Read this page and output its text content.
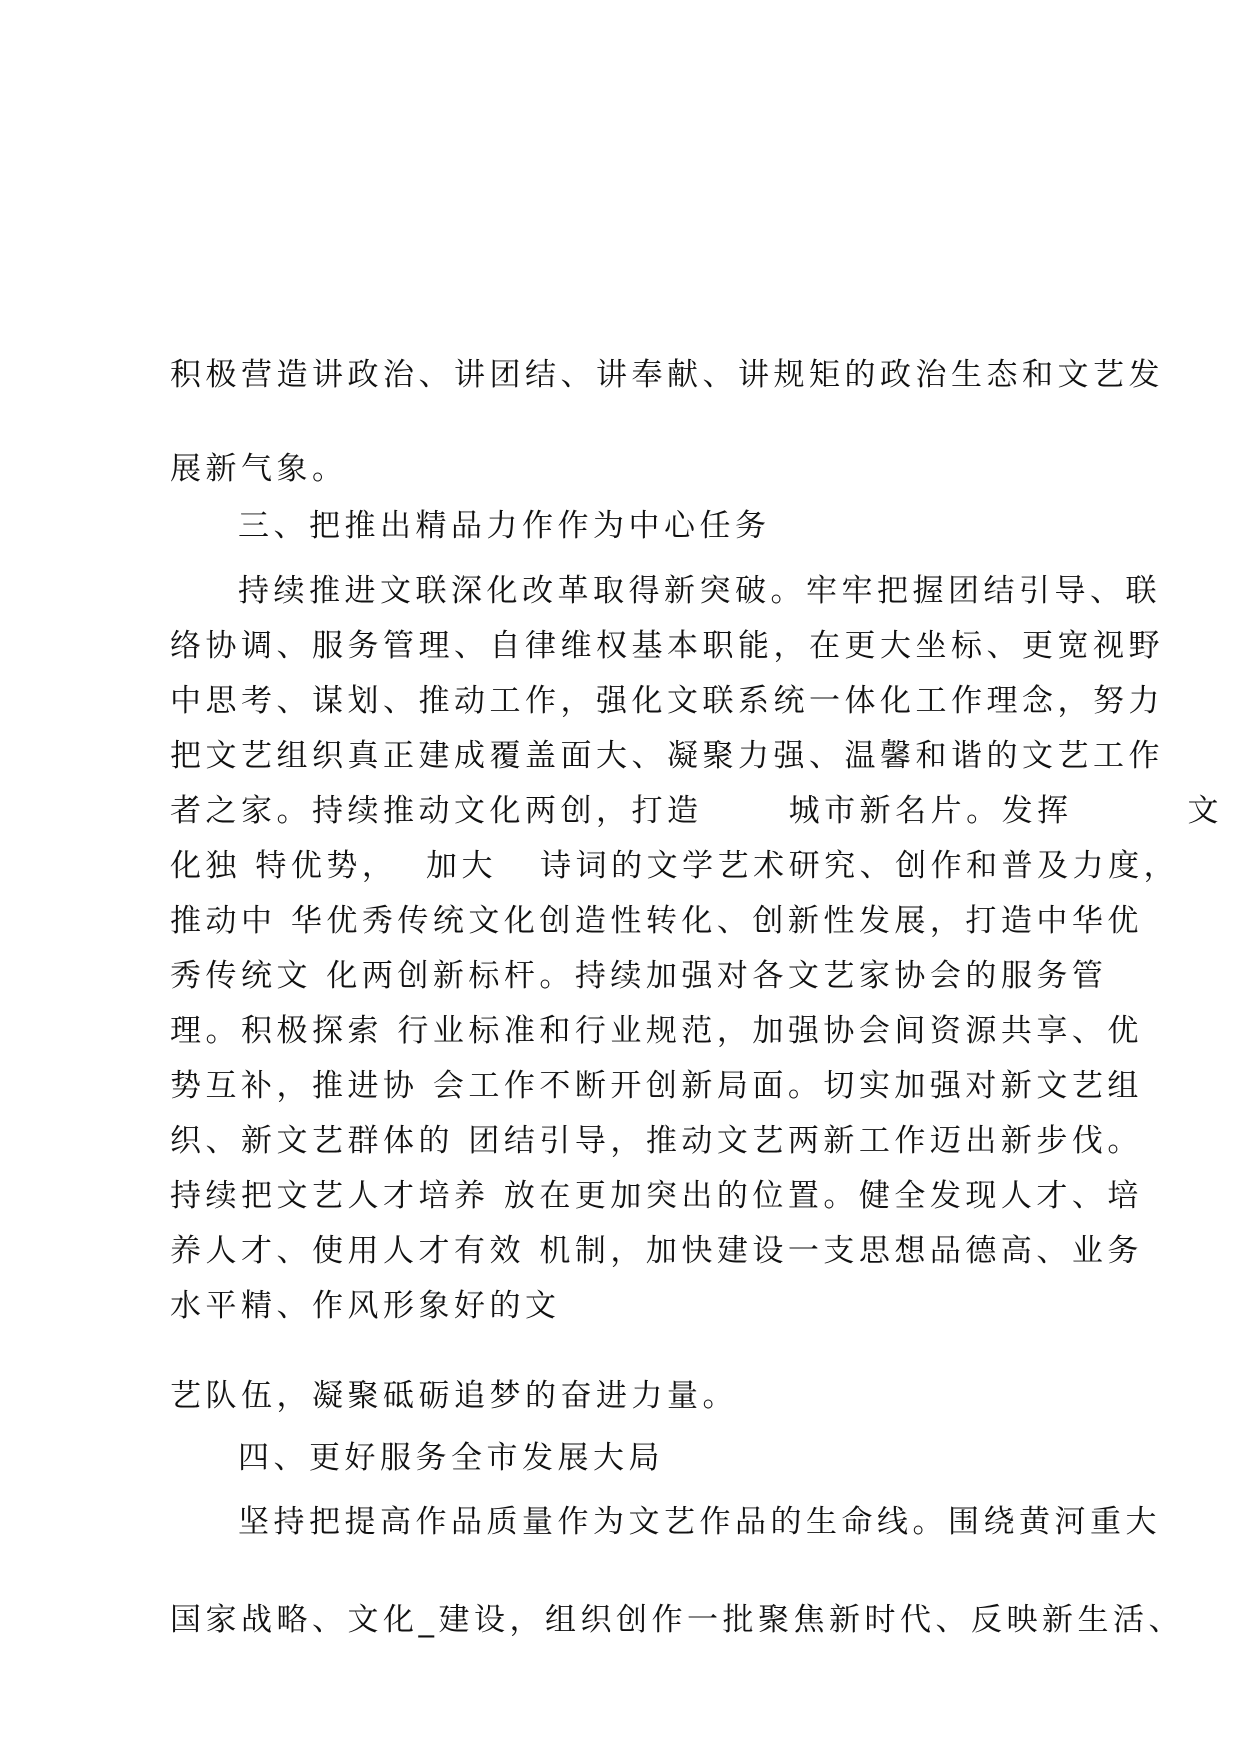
积极营造讲政治、讲团结、讲奉献、讲规矩的政治生态和文艺发
展新气象。
三、把推出精品力作作为中心任务
持续推进文联深化改革取得新突破。牢牢把握团结引导、联
络协调、服务管理、自律维权基本职能，在更大坐标、更宽视野
中思考、谋划、推动工作，强化文联系统一体化工作理念，努力
把文艺组织真正建成覆盖面大、凝聚力强、温馨和谐的文艺工作
者之家。持续推动文化两创，打造      城市新名片。发挥        文
化独 特优势，  加大   诗词的文学艺术研究、创作和普及力度，
推动中 华优秀传统文化创造性转化、创新性发展，打造中华优
秀传统文 化两创新标杆。持续加强对各文艺家协会的服务管
理。积极探索 行业标准和行业规范，加强协会间资源共享、优
势互补，推进协 会工作不断开创新局面。切实加强对新文艺组
织、新文艺群体的 团结引导，推动文艺两新工作迈出新步伐。
持续把文艺人才培养 放在更加突出的位置。健全发现人才、培
养人才、使用人才有效 机制，加快建设一支思想品德高、业务
水平精、作风形象好的文
艺队伍，凝聚砥砺追梦的奋进力量。
四、更好服务全市发展大局
坚持把提高作品质量作为文艺作品的生命线。围绕黄河重大
国家战略、文化_建设，组织创作一批聚焦新时代、反映新生活、
